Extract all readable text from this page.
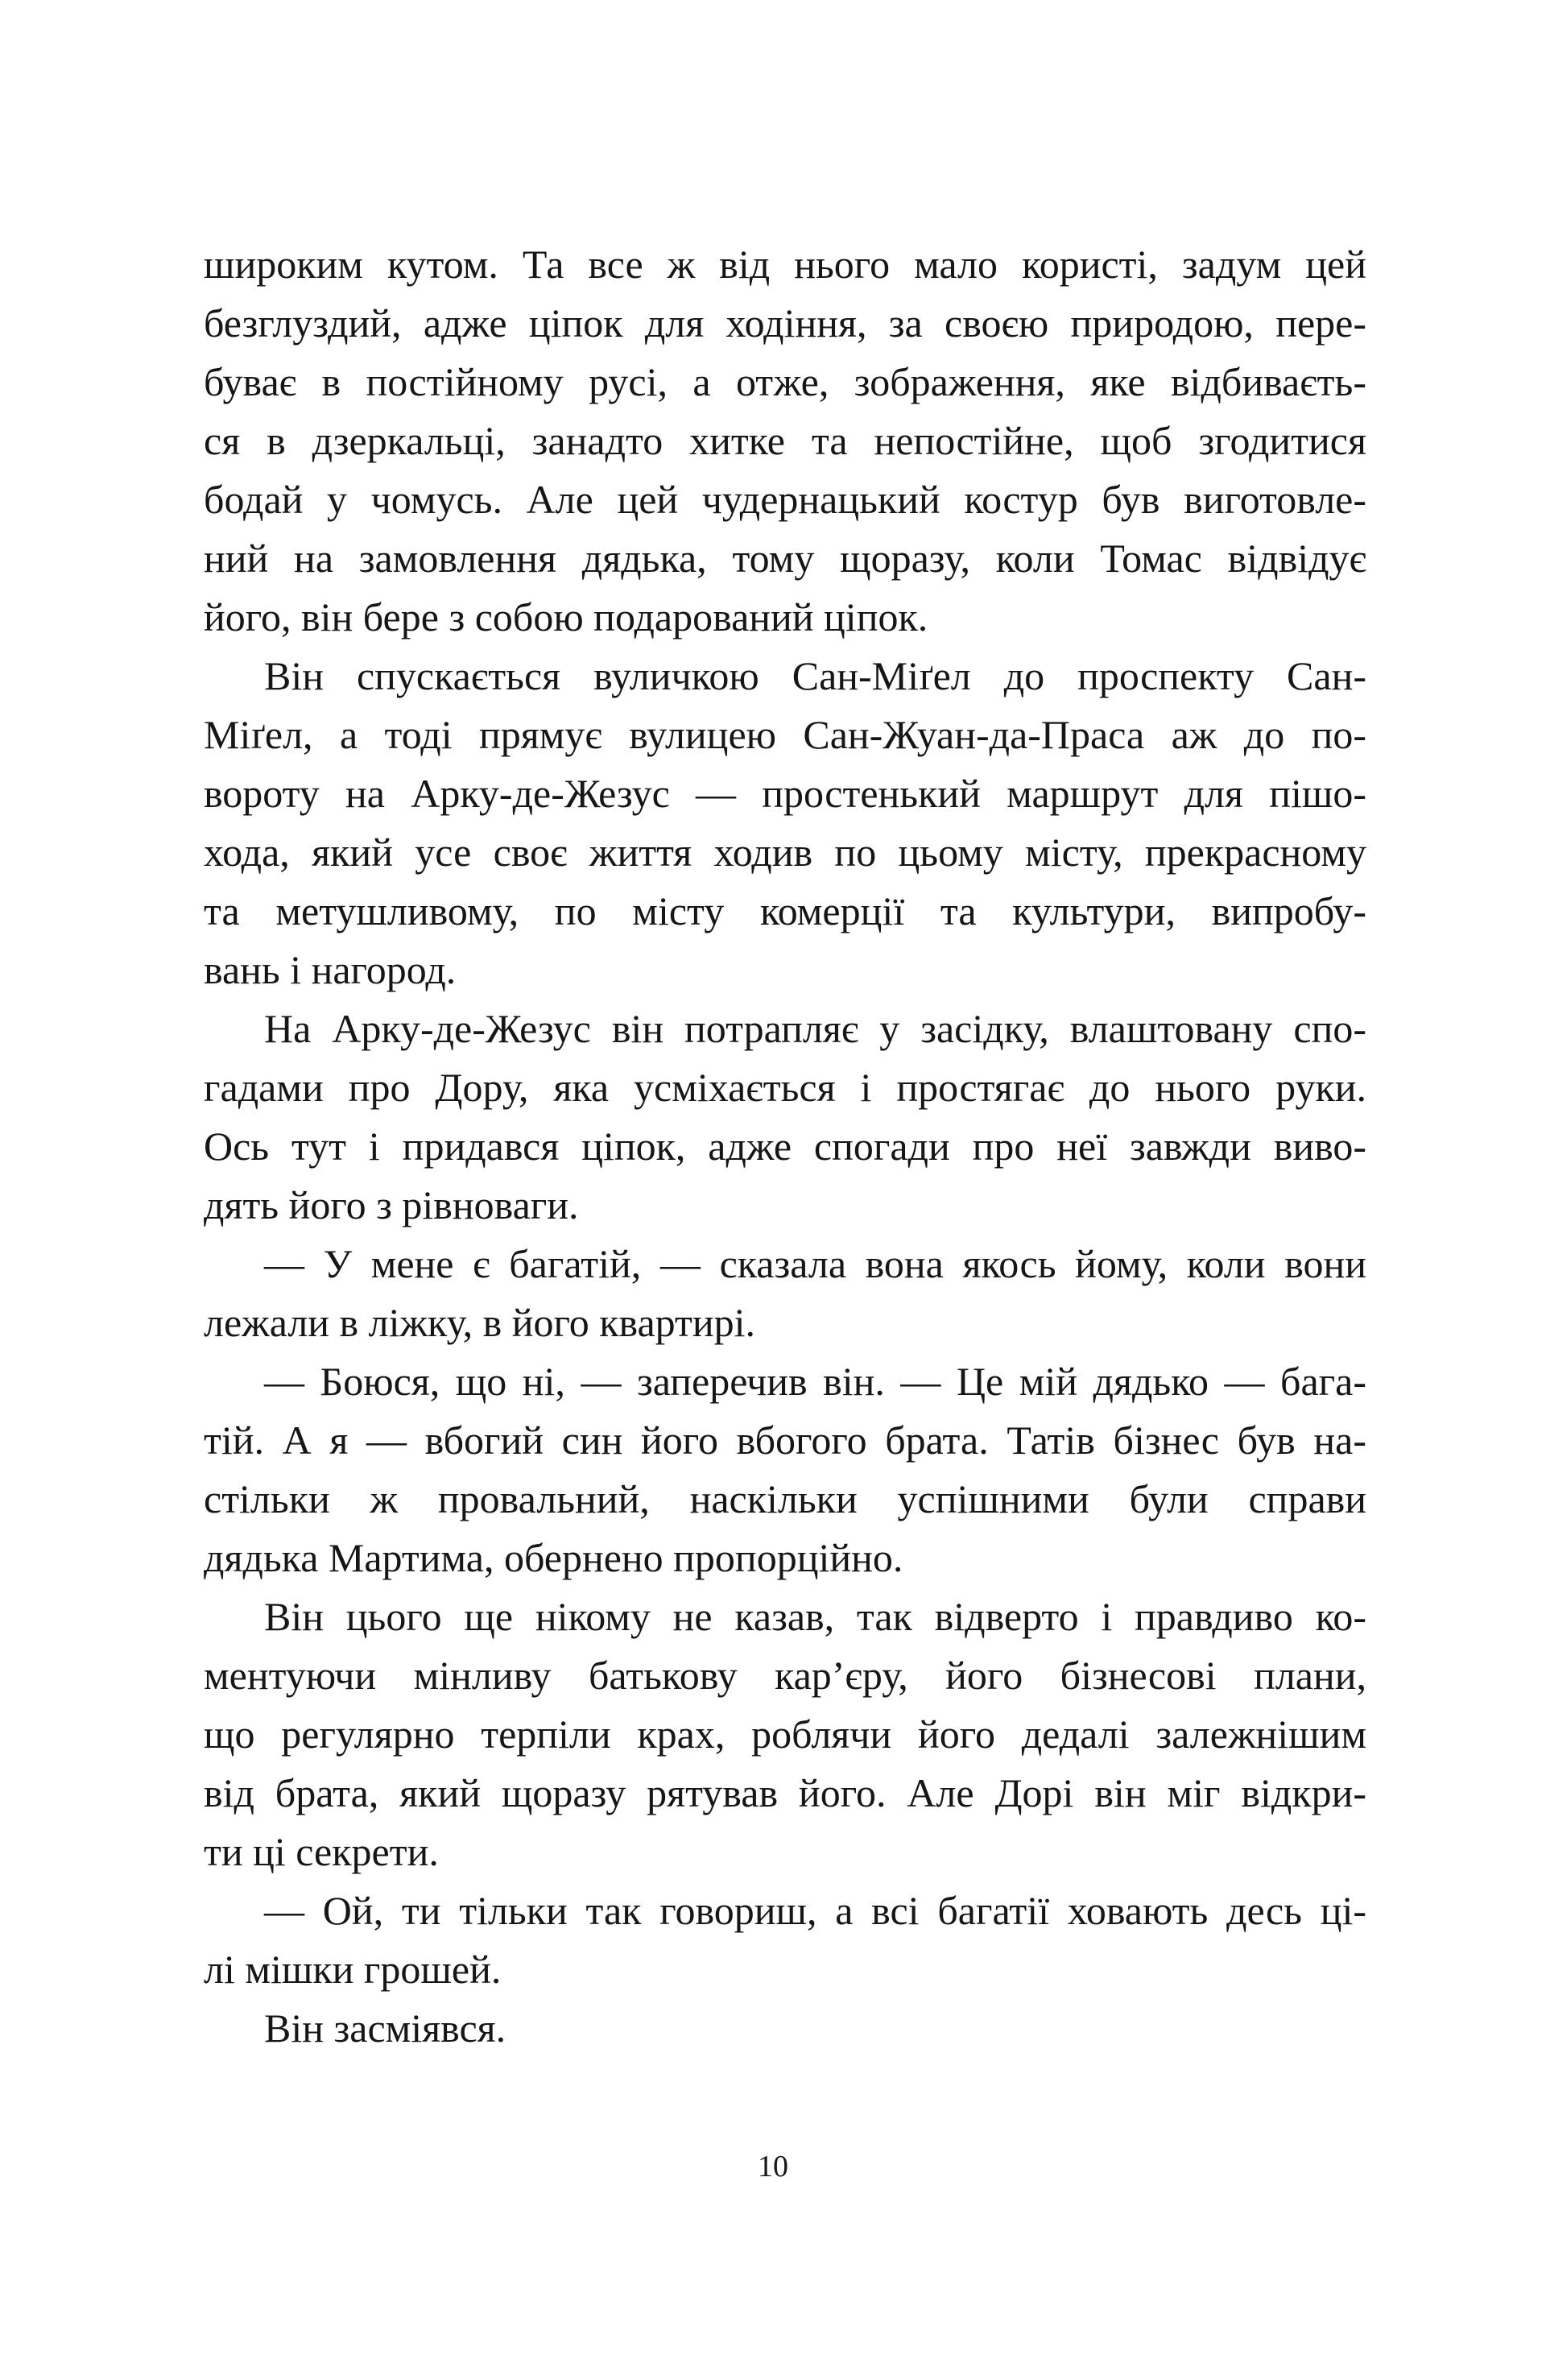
широким кутом. Та все ж від нього мало користі, задум цей
безглуздий, адже ціпок для ходіння, за своєю природою, пере-
буває в постійному русі, а отже, зображення, яке відбиваєть-
ся в дзеркальці, занадто хитке та непостійне, щоб згодитися
бодай у чомусь. Але цей чудернацький костур був виготовле-
ний на замовлення дядька, тому щоразу, коли Томас відвідує
його, він бере з собою подарований ціпок.

Він спускається вуличкою Сан-Міґел до проспекту Сан-
Міґел, а тоді прямує вулицею Сан-Жуан-да-Праса аж до по-
вороту на Арку-де-Жезус — простенький маршрут для пішо-
хода, який усе своє життя ходив по цьому місту, прекрасному
та метушливому, по місту комерції та культури, випробу-
вань і нагород.

На Арку-де-Жезус він потрапляє у засідку, влаштовану спо-
гадами про Дору, яка усміхається і простягає до нього руки.
Ось тут і придався ціпок, адже спогади про неї завжди виво-
дять його з рівноваги.

— У мене є багатій, — сказала вона якось йому, коли вони
лежали в ліжку, в його квартирі.

— Боюся, що ні, — заперечив він. — Це мій дядько — бага-
тій. А я — вбогий син його вбогого брата. Татів бізнес був на-
стільки ж провальний, наскільки успішними були справи
дядька Мартима, обернено пропорційно.

Він цього ще нікому не казав, так відверто і правдиво ко-
ментуючи мінливу батькову кар’єру, його бізнесові плани,
що регулярно терпіли крах, роблячи його дедалі залежнішим
від брата, який щоразу рятував його. Але Дорі він міг відкри-
ти ці секрети.

— Ой, ти тільки так говориш, а всі багатії ховають десь ці-
лі мішки грошей.

Він засміявся.

10
